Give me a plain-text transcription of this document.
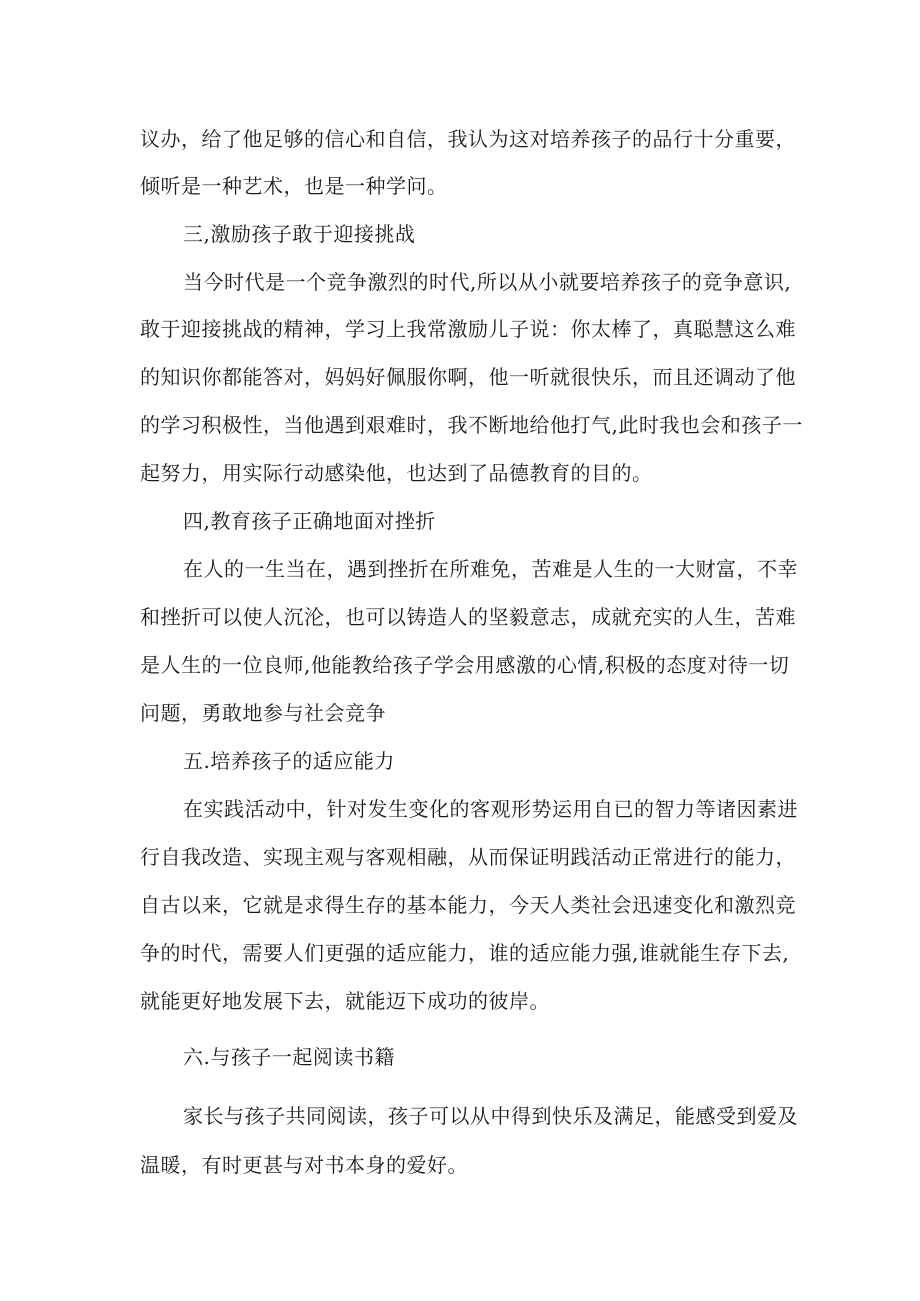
议办，给了他足够的信心和自信，我认为这对培养孩子的品行十分重要，
倾听是一种艺术，也是一种学问。
三,激励孩子敢于迎接挑战
当今时代是一个竞争激烈的时代,所以从小就要培养孩子的竞争意识,
敢于迎接挑战的精神，学习上我常激励儿子说：你太棒了，真聪慧这么难
的知识你都能答对，妈妈好佩服你啊，他一听就很快乐，而且还调动了他
的学习积极性，当他遇到艰难时，我不断地给他打气,此时我也会和孩子一
起努力，用实际行动感染他，也达到了品德教育的目的。
四,教育孩子正确地面对挫折
在人的一生当在，遇到挫折在所难免，苦难是人生的一大财富，不幸
和挫折可以使人沉沦，也可以铸造人的坚毅意志，成就充实的人生，苦难
是人生的一位良师,他能教给孩子学会用感激的心情,积极的态度对待一切
问题，勇敢地参与社会竞争
五.培养孩子的适应能力
在实践活动中，针对发生变化的客观形势运用自已的智力等诸因素进
行自我改造、实现主观与客观相融，从而保证明践活动正常进行的能力，
自古以来，它就是求得生存的基本能力，今天人类社会迅速变化和激烈竞
争的时代，需要人们更强的适应能力，谁的适应能力强,谁就能生存下去,
就能更好地发展下去，就能迈下成功的彼岸。
六.与孩子一起阅读书籍
家长与孩子共同阅读，孩子可以从中得到快乐及满足，能感受到爱及
温暖，有时更甚与对书本身的爱好。
